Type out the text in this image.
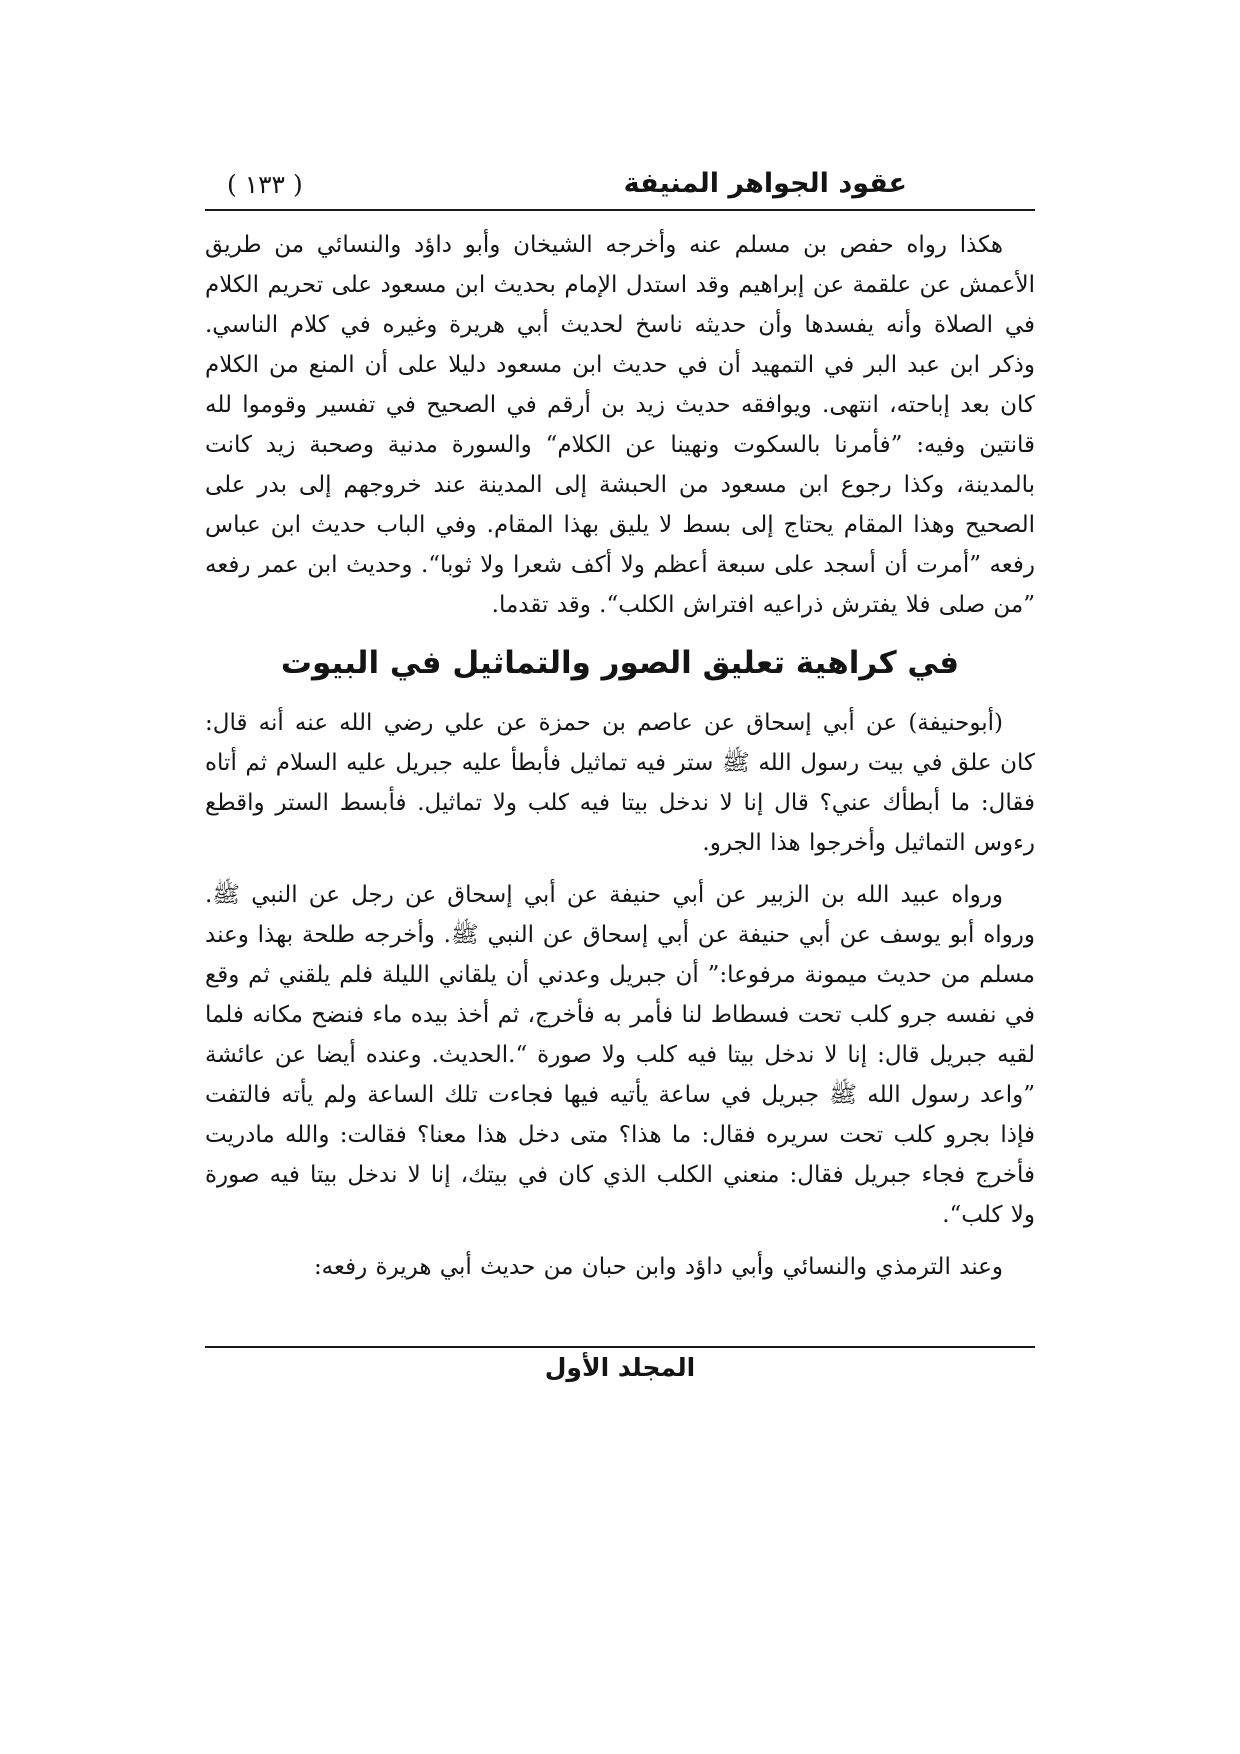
عقود الجواهر المنيفة
( ١٣٣ )

هكذا رواه حفص بن مسلم عنه وأخرجه الشيخان وأبو داؤد والنسائي من طريق الأعمش عن علقمة عن إبراهيم وقد استدل الإمام بحديث ابن مسعود على تحريم الكلام في الصلاة وأنه يفسدها وأن حديثه ناسخ لحديث أبي هريرة وغيره في كلام الناسي. وذكر ابن عبد البر في التمهيد أن في حديث ابن مسعود دليلا على أن المنع من الكلام كان بعد إباحته، انتهى. ويوافقه حديث زيد بن أرقم في الصحيح في تفسير وقوموا لله قانتين وفيه: ”فأمرنا بالسكوت ونهينا عن الكلام“ والسورة مدنية وصحبة زيد كانت بالمدينة، وكذا رجوع ابن مسعود من الحبشة إلى المدينة عند خروجهم إلى بدر على الصحيح وهذا المقام يحتاج إلى بسط لا يليق بهذا المقام. وفي الباب حديث ابن عباس رفعه ”أمرت أن أسجد على سبعة أعظم ولا أكف شعرا ولا ثوبا“. وحديث ابن عمر رفعه ”من صلى فلا يفترش ذراعيه افتراش الكلب“. وقد تقدما.

في كراهية تعليق الصور والتماثيل في البيوت

(أبوحنيفة) عن أبي إسحاق عن عاصم بن حمزة عن علي رضي الله عنه أنه قال: كان علق في بيت رسول الله ﷺ ستر فيه تماثيل فأبطأ عليه جبريل عليه السلام ثم أتاه فقال: ما أبطأك عني؟ قال إنا لا ندخل بيتا فيه كلب ولا تماثيل. فأبسط الستر واقطع رءوس التماثيل وأخرجوا هذا الجرو.

ورواه عبيد الله بن الزبير عن أبي حنيفة عن أبي إسحاق عن رجل عن النبي ﷺ. ورواه أبو يوسف عن أبي حنيفة عن أبي إسحاق عن النبي ﷺ. وأخرجه طلحة بهذا وعند مسلم من حديث ميمونة مرفوعا:” أن جبريل وعدني أن يلقاني الليلة فلم يلقني ثم وقع في نفسه جرو كلب تحت فسطاط لنا فأمر به فأخرج، ثم أخذ بيده ماء فنضح مكانه فلما لقيه جبريل قال: إنا لا ندخل بيتا فيه كلب ولا صورة “.الحديث. وعنده أيضا عن عائشة ”واعد رسول الله ﷺ جبريل في ساعة يأتيه فيها فجاءت تلك الساعة ولم يأته فالتفت فإذا بجرو كلب تحت سريره فقال: ما هذا؟ متى دخل هذا معنا؟ فقالت: والله مادريت فأخرج فجاء جبريل فقال: منعني الكلب الذي كان في بيتك، إنا لا ندخل بيتا فيه صورة ولا كلب“.

وعند الترمذي والنسائي وأبي داؤد وابن حبان من حديث أبي هريرة رفعه:

المجلد الأول
